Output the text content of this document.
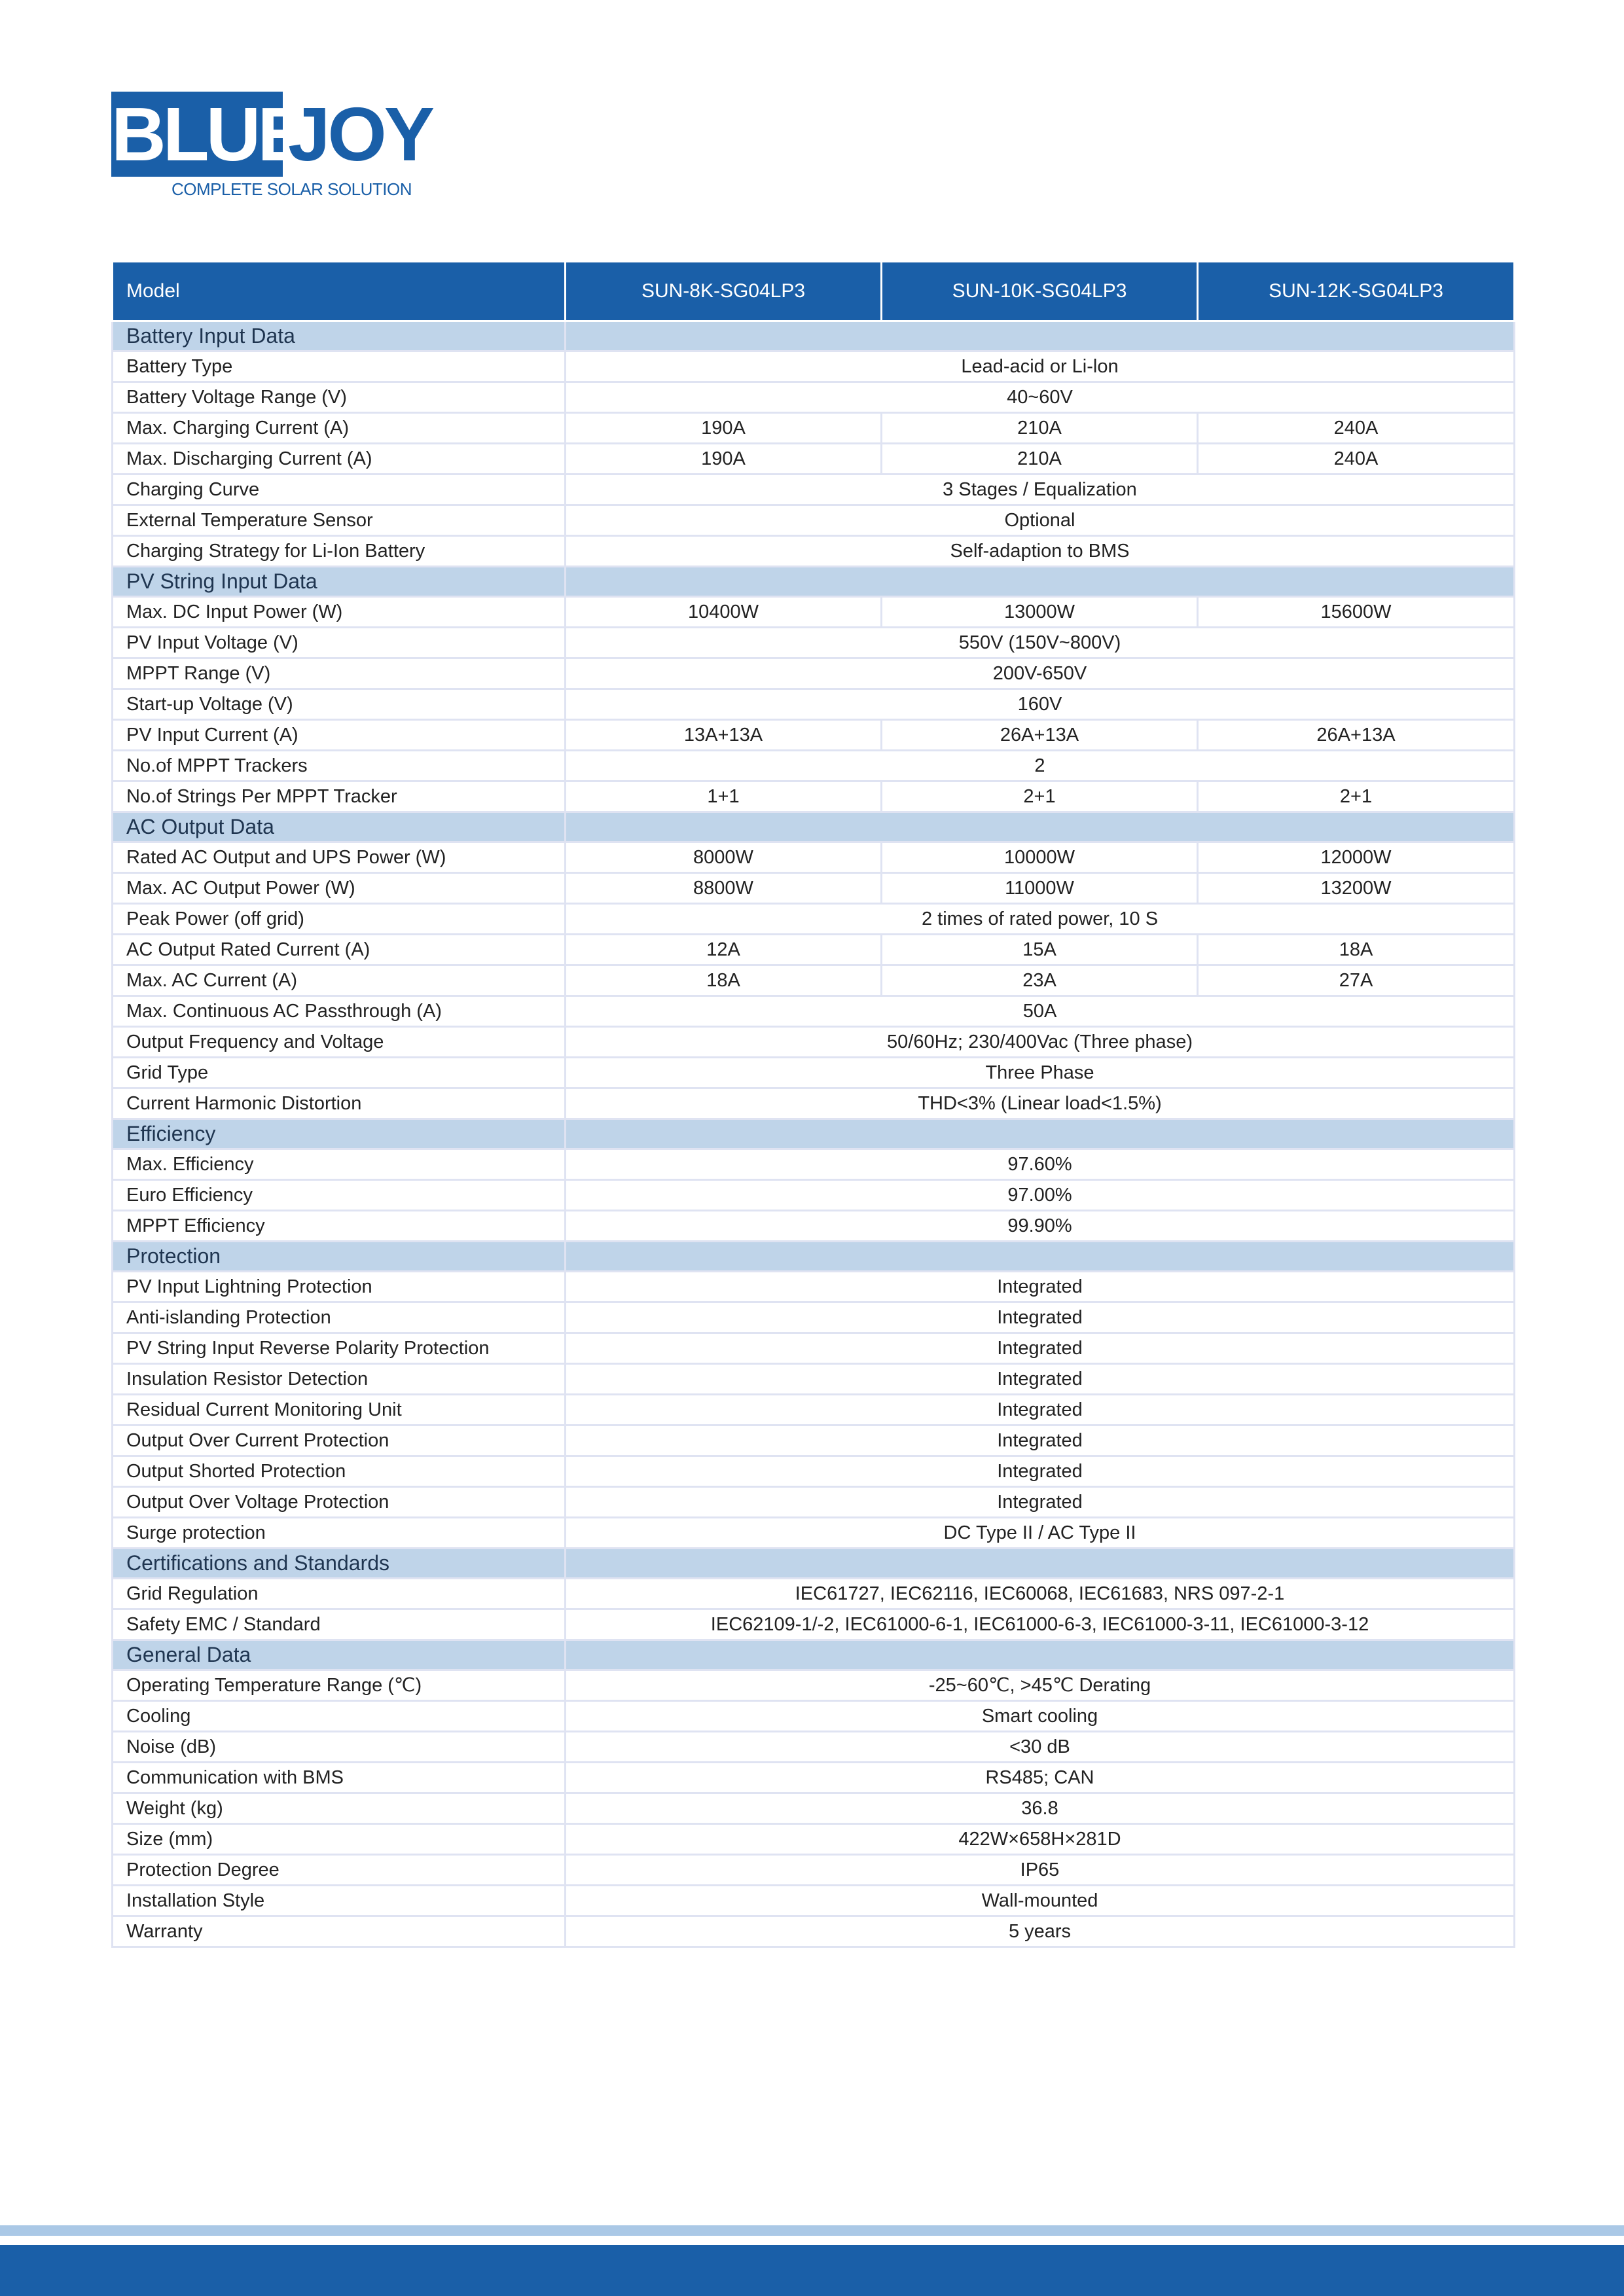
BLUE
JOY
COMPLETE SOLAR SOLUTION
Model	SUN-8K-SG04LP3	SUN-10K-SG04LP3	SUN-12K-SG04LP3
Battery Input Data			
Battery Type	Lead-acid or Li-lon		
Battery Voltage Range (V)	40~60V		
Max. Charging Current (A)	190A	210A	240A
Max. Discharging Current (A)	190A	210A	240A
Charging Curve	3 Stages / Equalization		
External Temperature Sensor	Optional		
Charging Strategy for Li-Ion Battery	Self-adaption to BMS		
PV String Input Data			
Max. DC Input Power (W)	10400W	13000W	15600W
PV Input Voltage (V)	550V (150V~800V)		
MPPT Range (V)	200V-650V		
Start-up Voltage (V)	160V		
PV Input Current (A)	13A+13A	26A+13A	26A+13A
No.of MPPT Trackers	2		
No.of Strings Per MPPT Tracker	1+1	2+1	2+1
AC Output Data			
Rated AC Output and UPS Power (W)	8000W	10000W	12000W
Max. AC Output Power (W)	8800W	11000W	13200W
Peak Power (off grid)	2 times of rated power, 10 S		
AC Output Rated Current (A)	12A	15A	18A
Max. AC Current (A)	18A	23A	27A
Max. Continuous AC Passthrough (A)	50A		
Output Frequency and Voltage	50/60Hz; 230/400Vac (Three phase)		
Grid Type	Three Phase		
Current Harmonic Distortion	THD<3% (Linear load<1.5%)		
Efficiency			
Max. Efficiency	97.60%		
Euro Efficiency	97.00%		
MPPT Efficiency	99.90%		
Protection			
PV Input Lightning Protection	Integrated		
Anti-islanding Protection	Integrated		
PV String Input Reverse Polarity Protection	Integrated		
Insulation Resistor Detection	Integrated		
Residual Current Monitoring Unit	Integrated		
Output Over Current Protection	Integrated		
Output Shorted Protection	Integrated		
Output Over Voltage Protection	Integrated		
Surge protection	DC Type II / AC Type II		
Certifications and Standards			
Grid Regulation	IEC61727, IEC62116, IEC60068, IEC61683, NRS 097-2-1		
Safety EMC / Standard	IEC62109-1/-2, IEC61000-6-1, IEC61000-6-3, IEC61000-3-11, IEC61000-3-12		
General Data			
Operating Temperature Range (℃)	-25~60℃, >45℃ Derating		
Cooling	Smart cooling		
Noise (dB)	<30 dB		
Communication with BMS	RS485; CAN		
Weight (kg)	36.8		
Size (mm)	422W×658H×281D		
Protection Degree	IP65		
Installation Style	Wall-mounted		
Warranty	5 years		
